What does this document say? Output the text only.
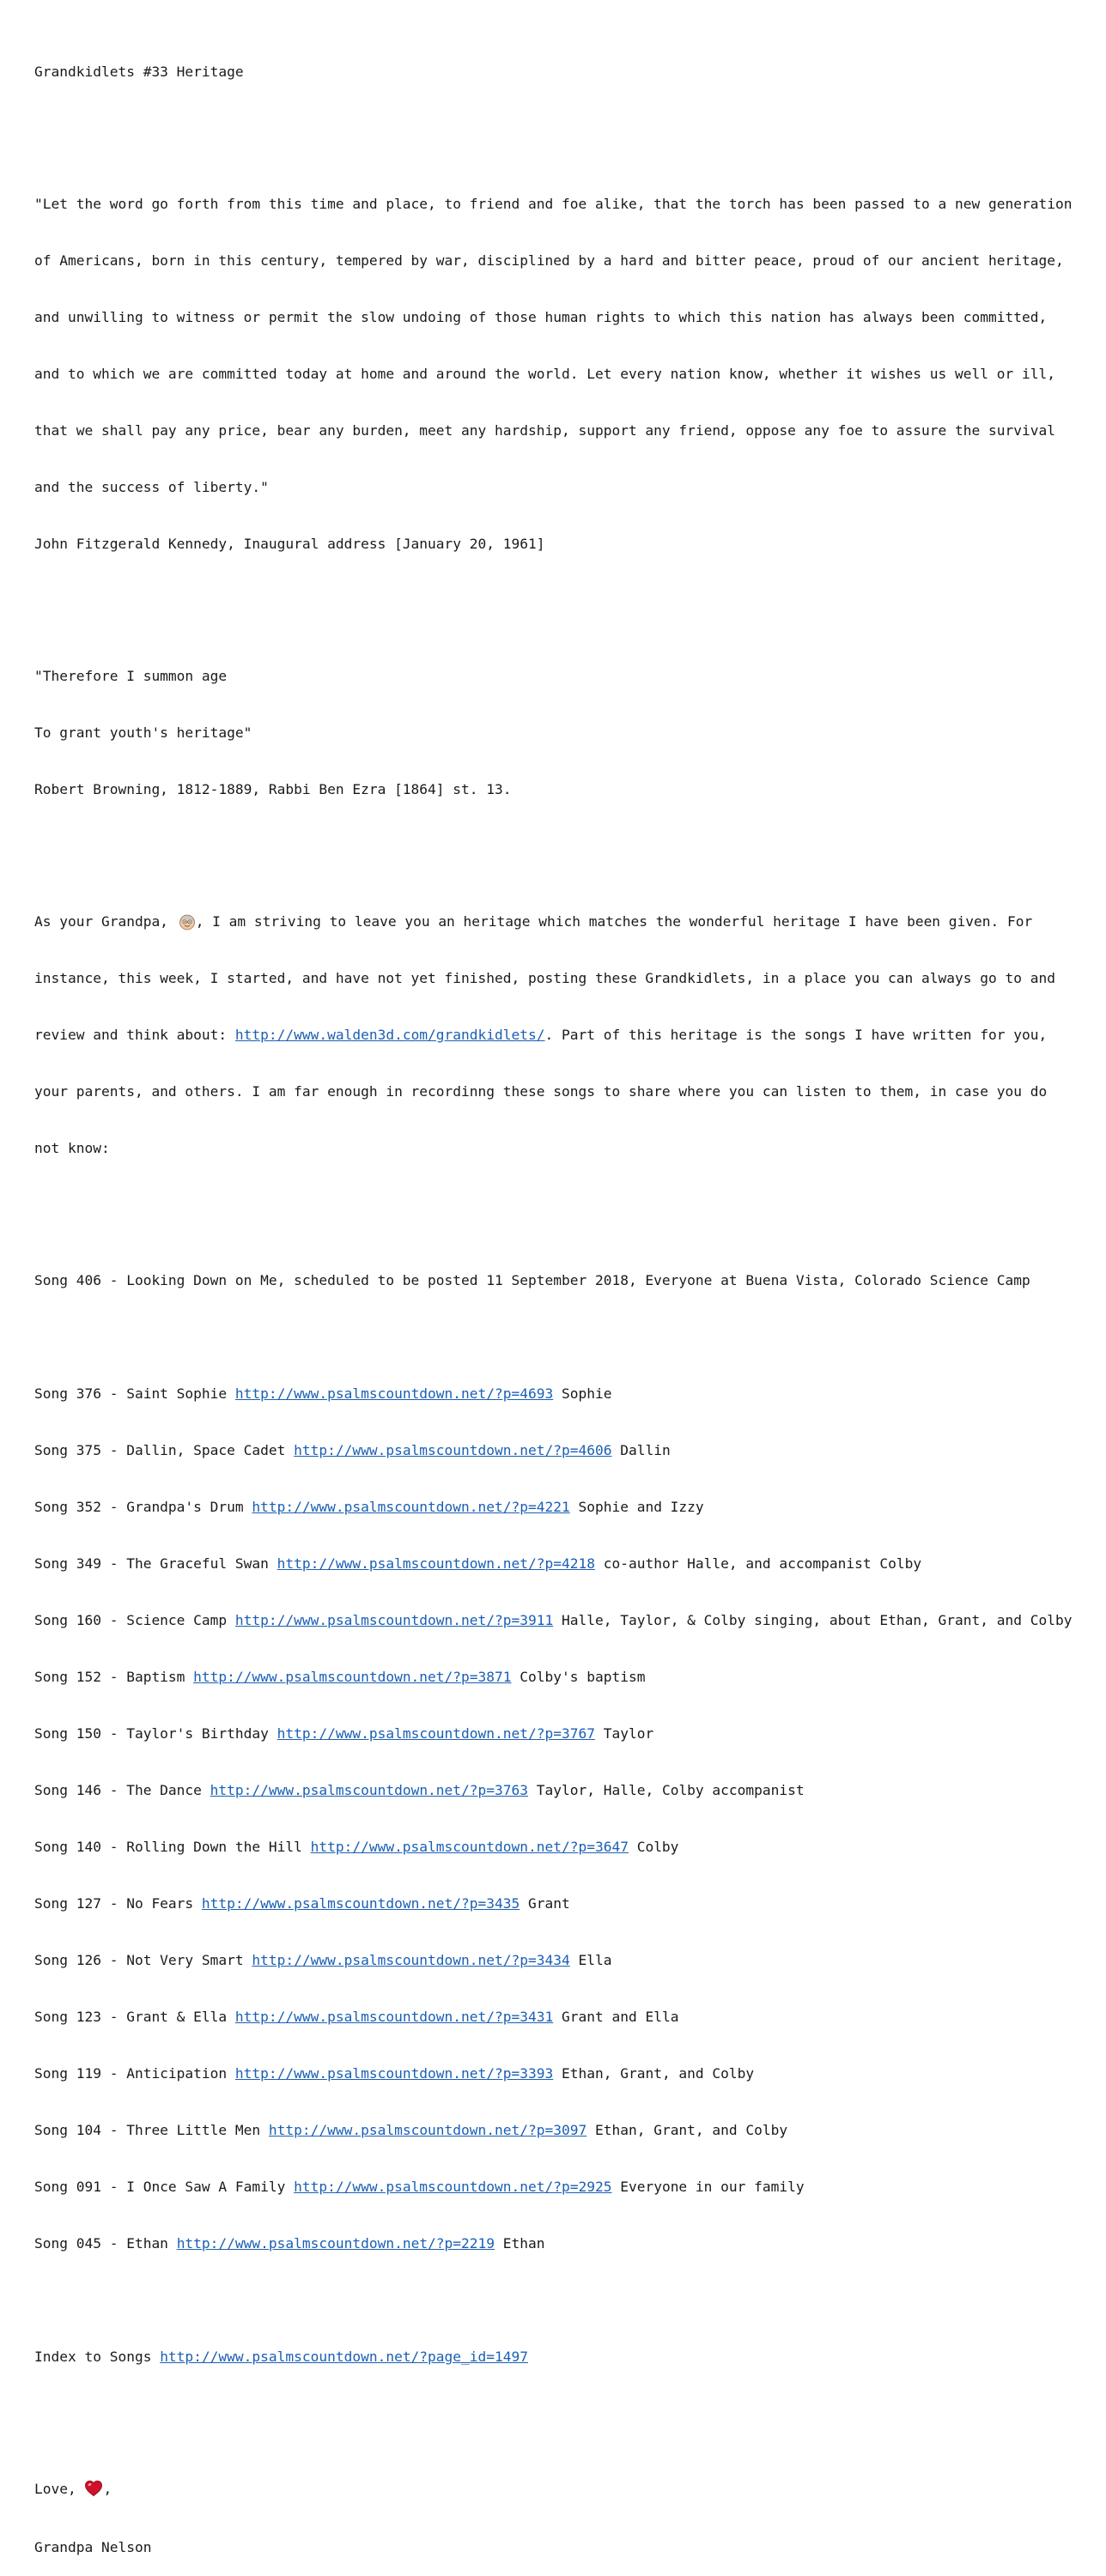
Grandkidlets #33 Heritage

"Let the word go forth from this time and place, to friend and foe alike, that the torch has been passed to a new generation

of Americans, born in this century, tempered by war, disciplined by a hard and bitter peace, proud of our ancient heritage,

and unwilling to witness or permit the slow undoing of those human rights to which this nation has always been committed,

and to which we are committed today at home and around the world. Let every nation know, whether it wishes us well or ill,

that we shall pay any price, bear any burden, meet any hardship, support any friend, oppose any foe to assure the survival

and the success of liberty."

John Fitzgerald Kennedy, Inaugural address [January 20, 1961]

"Therefore I summon age

To grant youth's heritage"

Robert Browning, 1812-1889, Rabbi Ben Ezra [1864] st. 13.

As your Grandpa, , I am striving to leave you an heritage which matches the wonderful heritage I have been given. For

instance, this week, I started, and have not yet finished, posting these Grandkidlets, in a place you can always go to and

review and think about: http://www.walden3d.com/grandkidlets/. Part of this heritage is the songs I have written for you,

your parents, and others. I am far enough in recordinng these songs to share where you can listen to them, in case you do

not know:

Song 406 - Looking Down on Me, scheduled to be posted 11 September 2018, Everyone at Buena Vista, Colorado Science Camp

Song 376 - Saint Sophie http://www.psalmscountdown.net/?p=4693 Sophie

Song 375 - Dallin, Space Cadet http://www.psalmscountdown.net/?p=4606 Dallin

Song 352 - Grandpa's Drum http://www.psalmscountdown.net/?p=4221 Sophie and Izzy

Song 349 - The Graceful Swan http://www.psalmscountdown.net/?p=4218 co-author Halle, and accompanist Colby

Song 160 - Science Camp http://www.psalmscountdown.net/?p=3911 Halle, Taylor, & Colby singing, about Ethan, Grant, and Colby

Song 152 - Baptism http://www.psalmscountdown.net/?p=3871 Colby's baptism

Song 150 - Taylor's Birthday http://www.psalmscountdown.net/?p=3767 Taylor

Song 146 - The Dance http://www.psalmscountdown.net/?p=3763 Taylor, Halle, Colby accompanist

Song 140 - Rolling Down the Hill http://www.psalmscountdown.net/?p=3647 Colby

Song 127 - No Fears http://www.psalmscountdown.net/?p=3435 Grant

Song 126 - Not Very Smart http://www.psalmscountdown.net/?p=3434 Ella

Song 123 - Grant & Ella http://www.psalmscountdown.net/?p=3431 Grant and Ella

Song 119 - Anticipation http://www.psalmscountdown.net/?p=3393 Ethan, Grant, and Colby

Song 104 - Three Little Men http://www.psalmscountdown.net/?p=3097 Ethan, Grant, and Colby

Song 091 - I Once Saw A Family http://www.psalmscountdown.net/?p=2925 Everyone in our family

Song 045 - Ethan http://www.psalmscountdown.net/?p=2219 Ethan

Index to Songs http://www.psalmscountdown.net/?page_id=1497

Love, ,

Grandpa Nelson
